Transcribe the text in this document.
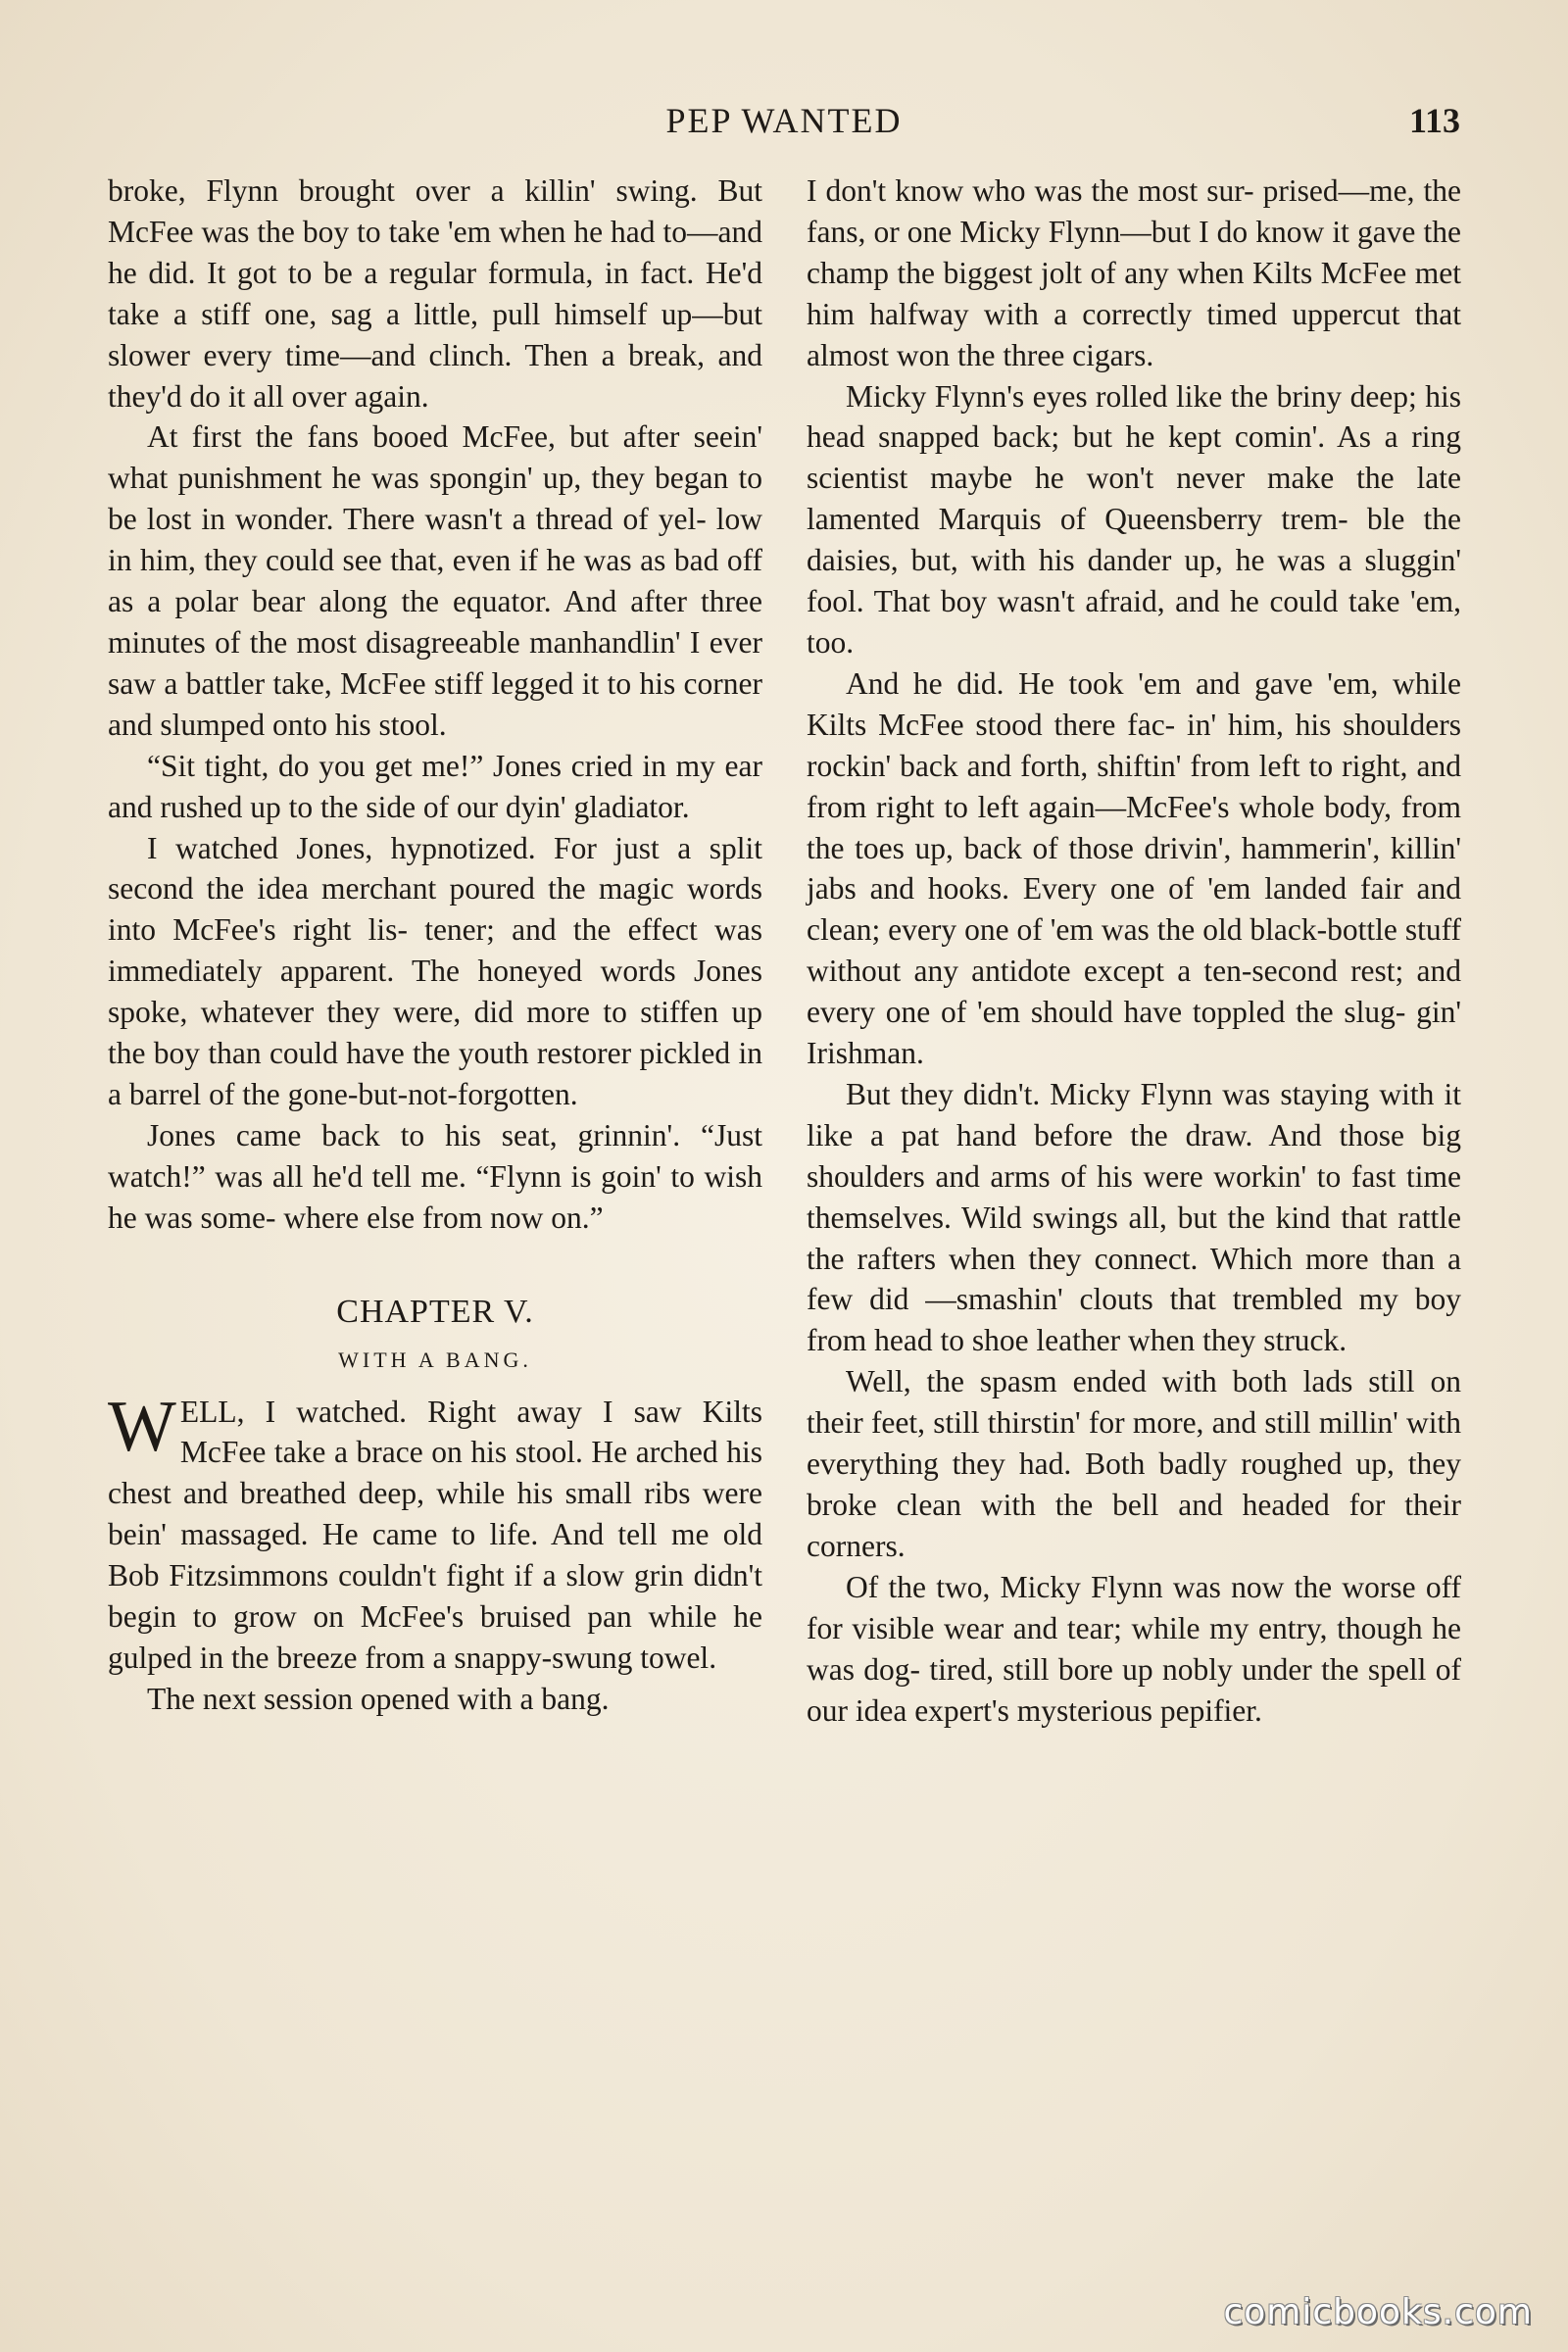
PEP WANTED	113

broke, Flynn brought over a killin' swing. But McFee was the boy to take 'em when he had to—and he did. It got to be a regular formula, in fact. He'd take a stiff one, sag a little, pull himself up—but slower every time—and clinch. Then a break, and they'd do it all over again.

At first the fans booed McFee, but after seein' what punishment he was spongin' up, they began to be lost in wonder. There wasn't a thread of yel- low in him, they could see that, even if he was as bad off as a polar bear along the equator. And after three minutes of the most disagreeable manhandlin' I ever saw a battler take, McFee stiff legged it to his corner and slumped onto his stool.

“Sit tight, do you get me!” Jones cried in my ear and rushed up to the side of our dyin' gladiator.

I watched Jones, hypnotized. For just a split second the idea merchant poured the magic words into McFee's right lis- tener; and the effect was immediately apparent. The honeyed words Jones spoke, whatever they were, did more to stiffen up the boy than could have the youth restorer pickled in a barrel of the gone-but-not-forgotten.

Jones came back to his seat, grinnin'. “Just watch!” was all he'd tell me. “Flynn is goin' to wish he was some- where else from now on.”

CHAPTER V.
WITH A BANG.

WELL, I watched. Right away I saw Kilts McFee take a brace on his stool. He arched his chest and breathed deep, while his small ribs were bein' massaged. He came to life. And tell me old Bob Fitzsimmons couldn't fight if a slow grin didn't begin to grow on McFee's bruised pan while he gulped in the breeze from a snappy-swung towel.

The next session opened with a bang.

I don't know who was the most sur- prised—me, the fans, or one Micky Flynn—but I do know it gave the champ the biggest jolt of any when Kilts McFee met him halfway with a correctly timed uppercut that almost won the three cigars.

Micky Flynn's eyes rolled like the briny deep; his head snapped back; but he kept comin'. As a ring scientist maybe he won't never make the late lamented Marquis of Queensberry trem- ble the daisies, but, with his dander up, he was a sluggin' fool. That boy wasn't afraid, and he could take 'em, too.

And he did. He took 'em and gave 'em, while Kilts McFee stood there fac- in' him, his shoulders rockin' back and forth, shiftin' from left to right, and from right to left again—McFee's whole body, from the toes up, back of those drivin', hammerin', killin' jabs and hooks. Every one of 'em landed fair and clean; every one of 'em was the old black-bottle stuff without any antidote except a ten-second rest; and every one of 'em should have toppled the slug- gin' Irishman.

But they didn't. Micky Flynn was staying with it like a pat hand before the draw. And those big shoulders and arms of his were workin' to fast time themselves. Wild swings all, but the kind that rattle the rafters when they connect. Which more than a few did —smashin' clouts that trembled my boy from head to shoe leather when they struck.

Well, the spasm ended with both lads still on their feet, still thirstin' for more, and still millin' with everything they had. Both badly roughed up, they broke clean with the bell and headed for their corners.

Of the two, Micky Flynn was now the worse off for visible wear and tear; while my entry, though he was dog- tired, still bore up nobly under the spell of our idea expert's mysterious pepifier.

comicbooks.com
